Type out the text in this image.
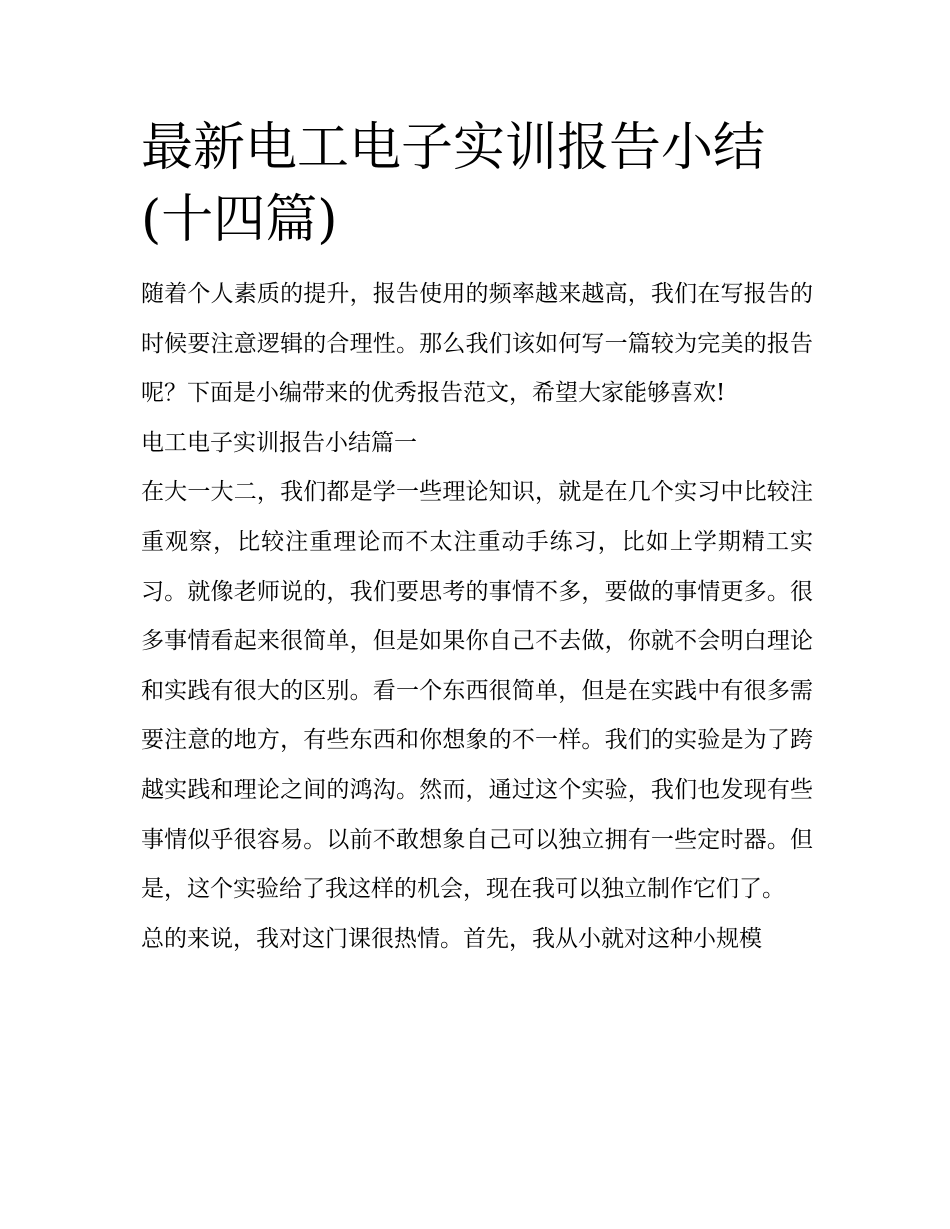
最新电工电子实训报告小结(十四篇)

随着个人素质的提升，报告使用的频率越来越高，我们在写报告的时候要注意逻辑的合理性。那么我们该如何写一篇较为完美的报告呢？下面是小编带来的优秀报告范文，希望大家能够喜欢!

电工电子实训报告小结篇一

在大一大二，我们都是学一些理论知识，就是在几个实习中比较注重观察，比较注重理论而不太注重动手练习，比如上学期精工实习。就像老师说的，我们要思考的事情不多，要做的事情更多。很多事情看起来很简单，但是如果你自己不去做，你就不会明白理论和实践有很大的区别。看一个东西很简单，但是在实践中有很多需要注意的地方，有些东西和你想象的不一样。我们的实验是为了跨越实践和理论之间的鸿沟。然而，通过这个实验，我们也发现有些事情似乎很容易。以前不敢想象自己可以独立拥有一些定时器。但是，这个实验给了我这样的机会，现在我可以独立制作它们了。

总的来说，我对这门课很热情。首先，我从小就对这种小规模
